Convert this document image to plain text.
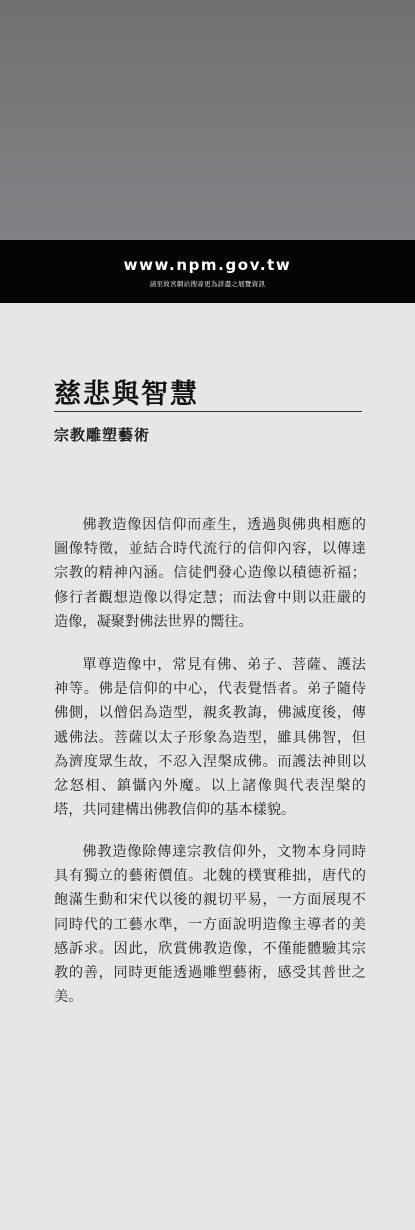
www.npm.gov.tw
請至故宮網站搜尋更為詳盡之展覽資訊
慈悲與智慧
宗教雕塑藝術

佛教造像因信仰而產生，透過與佛典相應的圖像特徵，並結合時代流行的信仰內容，以傳達宗教的精神內涵。信徒們發心造像以積德祈福；修行者觀想造像以得定慧；而法會中則以莊嚴的造像，凝聚對佛法世界的嚮往。

單尊造像中，常見有佛、弟子、菩薩、護法神等。佛是信仰的中心，代表覺悟者。弟子隨侍佛側，以僧侶為造型，親炙教誨，佛滅度後，傳遞佛法。菩薩以太子形象為造型，雖具佛智，但為濟度眾生故，不忍入涅槃成佛。而護法神則以忿怒相、鎮懾內外魔。以上諸像與代表涅槃的塔，共同建構出佛教信仰的基本樣貌。

佛教造像除傳達宗教信仰外，文物本身同時具有獨立的藝術價值。北魏的樸實稚拙，唐代的飽滿生動和宋代以後的親切平易，一方面展現不同時代的工藝水準，一方面說明造像主導者的美感訴求。因此，欣賞佛教造像，不僅能體驗其宗教的善，同時更能透過雕塑藝術，感受其普世之美。
